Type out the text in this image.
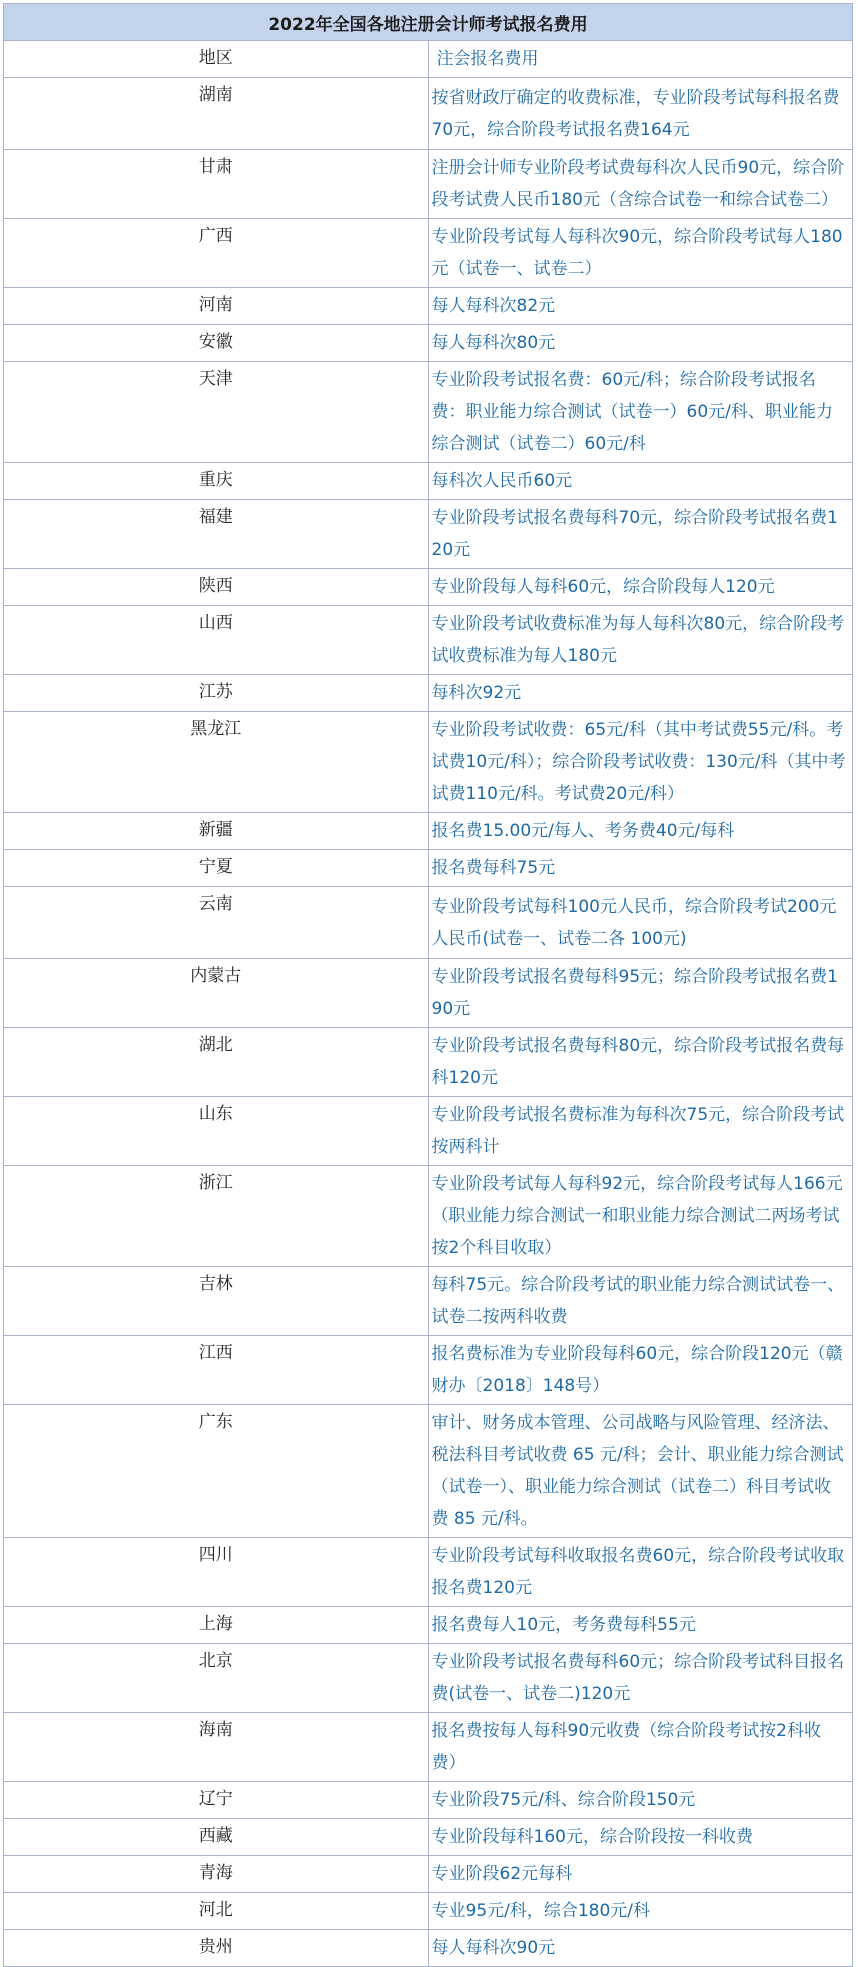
2022年全国各地注册会计师考试报名费用	
地区	注会报名费用
湖南	按省财政厅确定的收费标准，专业阶段考试每科报名费70元，综合阶段考试报名费164元
甘肃	注册会计师专业阶段考试费每科次人民币90元，综合阶段考试费人民币180元（含综合试卷一和综合试卷二）
广西	专业阶段考试每人每科次90元，综合阶段考试每人180元（试卷一、试卷二）
河南	每人每科次82元
安徽	每人每科次80元
天津	专业阶段考试报名费：60元/科；综合阶段考试报名费：职业能力综合测试（试卷一）60元/科、职业能力综合测试（试卷二）60元/科
重庆	每科次人民币60元
福建	专业阶段考试报名费每科70元，综合阶段考试报名费120元
陕西	专业阶段每人每科60元，综合阶段每人120元
山西	专业阶段考试收费标准为每人每科次80元，综合阶段考试收费标准为每人180元
江苏	每科次92元
黑龙江	专业阶段考试收费：65元/科（其中考试费55元/科。考试费10元/科）；综合阶段考试收费：130元/科（其中考试费110元/科。考试费20元/科）
新疆	报名费15.00元/每人、考务费40元/每科
宁夏	报名费每科75元
云南	专业阶段考试每科100元人民币，综合阶段考试200元人民币(试卷一、试卷二各 100元)
内蒙古	专业阶段考试报名费每科95元；综合阶段考试报名费190元
湖北	专业阶段考试报名费每科80元，综合阶段考试报名费每科120元
山东	专业阶段考试报名费标准为每科次75元，综合阶段考试按两科计
浙江	专业阶段考试每人每科92元，综合阶段考试每人166元（职业能力综合测试一和职业能力综合测试二两场考试按2个科目收取）
吉林	每科75元。综合阶段考试的职业能力综合测试试卷一、试卷二按两科收费
江西	报名费标准为专业阶段每科60元，综合阶段120元（赣财办〔2018〕148号）
广东	审计、财务成本管理、公司战略与风险管理、经济法、税法科目考试收费 65 元/科；会计、职业能力综合测试（试卷一）、职业能力综合测试（试卷二）科目考试收费 85 元/科。
四川	专业阶段考试每科收取报名费60元，综合阶段考试收取报名费120元
上海	报名费每人10元，考务费每科55元
北京	专业阶段考试报名费每科60元；综合阶段考试科目报名费(试卷一、试卷二)120元
海南	报名费按每人每科90元收费（综合阶段考试按2科收费）
辽宁	专业阶段75元/科、综合阶段150元
西藏	专业阶段每科160元，综合阶段按一科收费
青海	专业阶段62元每科
河北	专业95元/科，综合180元/科
贵州	每人每科次90元
